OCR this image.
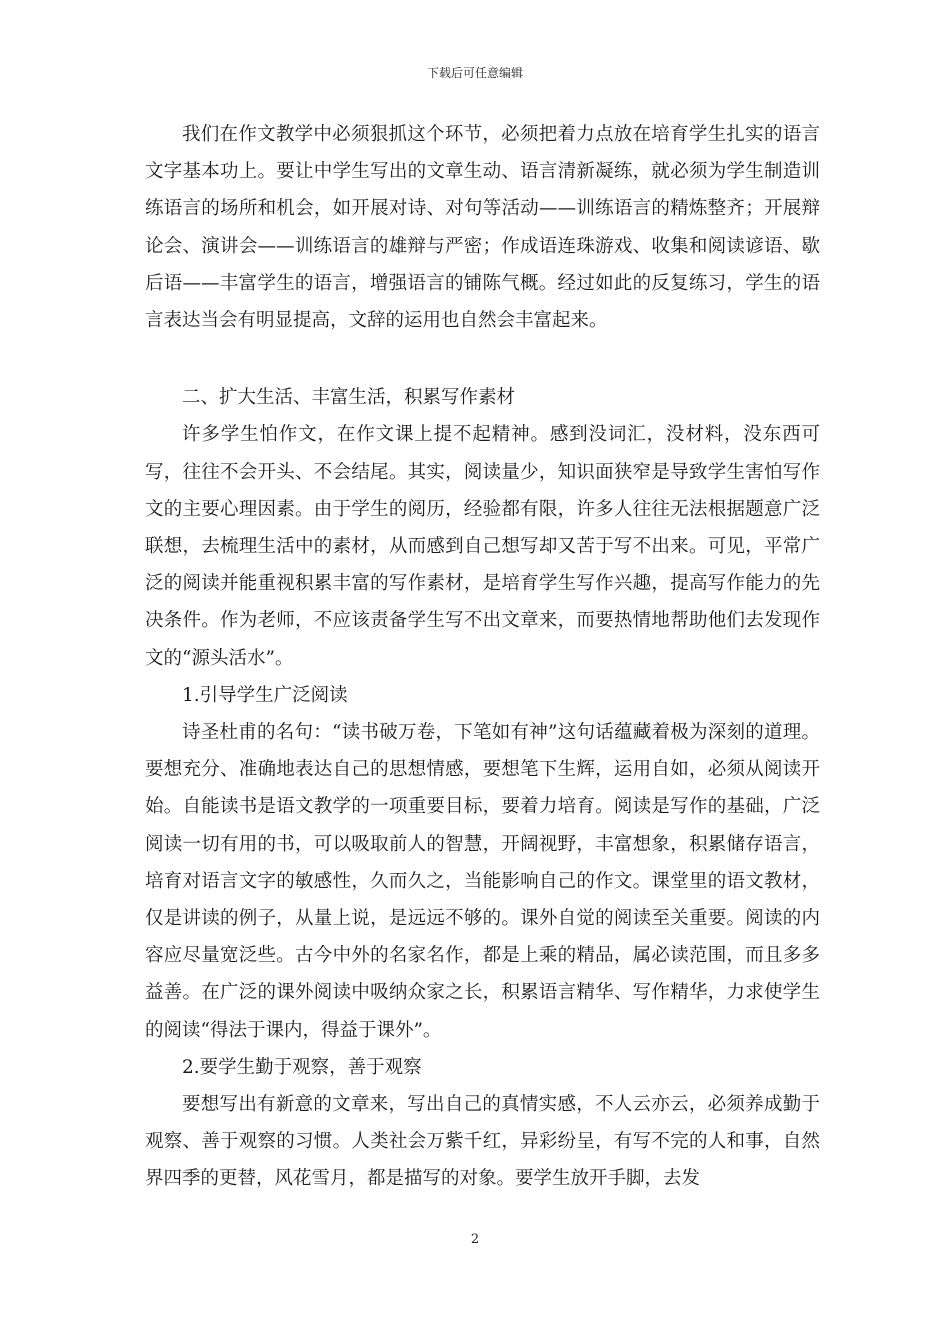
下载后可任意编辑

我们在作文教学中必须狠抓这个环节，必须把着力点放在培育学生扎实的语言文字基本功上。要让中学生写出的文章生动、语言清新凝练，就必须为学生制造训练语言的场所和机会，如开展对诗、对句等活动——训练语言的精炼整齐；开展辩论会、演讲会——训练语言的雄辩与严密；作成语连珠游戏、收集和阅读谚语、歇后语——丰富学生的语言，增强语言的铺陈气概。经过如此的反复练习，学生的语言表达当会有明显提高，文辞的运用也自然会丰富起来。

二、扩大生活、丰富生活，积累写作素材

许多学生怕作文，在作文课上提不起精神。感到没词汇，没材料，没东西可写，往往不会开头、不会结尾。其实，阅读量少，知识面狭窄是导致学生害怕写作文的主要心理因素。由于学生的阅历，经验都有限，许多人往往无法根据题意广泛联想，去梳理生活中的素材，从而感到自己想写却又苦于写不出来。可见，平常广泛的阅读并能重视积累丰富的写作素材，是培育学生写作兴趣，提高写作能力的先决条件。作为老师，不应该责备学生写不出文章来，而要热情地帮助他们去发现作文的“源头活水”。

1.引导学生广泛阅读

诗圣杜甫的名句：“读书破万卷，下笔如有神”这句话蕴藏着极为深刻的道理。要想充分、准确地表达自己的思想情感，要想笔下生辉，运用自如，必须从阅读开始。自能读书是语文教学的一项重要目标，要着力培育。阅读是写作的基础，广泛阅读一切有用的书，可以吸取前人的智慧，开阔视野，丰富想象，积累储存语言，培育对语言文字的敏感性，久而久之，当能影响自己的作文。课堂里的语文教材，仅是讲读的例子，从量上说，是远远不够的。课外自觉的阅读至关重要。阅读的内容应尽量宽泛些。古今中外的名家名作，都是上乘的精品，属必读范围，而且多多益善。在广泛的课外阅读中吸纳众家之长，积累语言精华、写作精华，力求使学生的阅读“得法于课内，得益于课外”。

2.要学生勤于观察，善于观察

要想写出有新意的文章来，写出自己的真情实感，不人云亦云，必须养成勤于观察、善于观察的习惯。人类社会万紫千红，异彩纷呈，有写不完的人和事，自然界四季的更替，风花雪月，都是描写的对象。要学生放开手脚，去发

2
